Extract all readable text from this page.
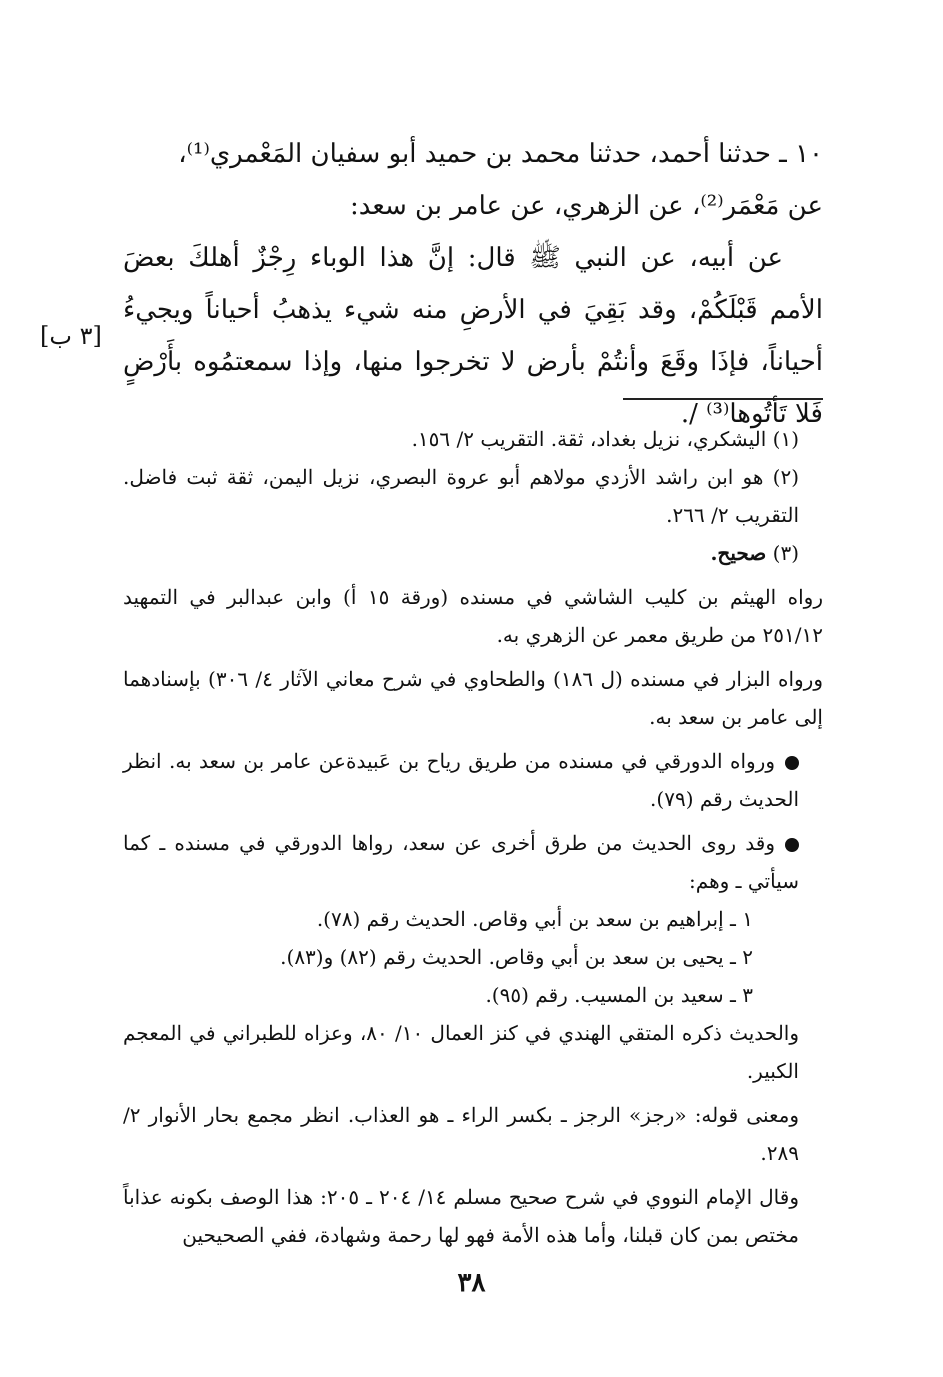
١٠ ـ حدثنا أحمد، حدثنا محمد بن حميد أبو سفيان المَعْمري⁽¹⁾،

عن مَعْمَر⁽²⁾، عن الزهري، عن عامر بن سعد:

عن أبيه، عن النبي ﷺ قال: إنَّ هذا الوباء رِجْزٌ أهلكَ بعضَ الأمم قَبْلَكُمْ، وقد بَقِيَ في الأرضِ منه شيء يذهبُ أحياناً ويجيءُ أحياناً، فإذَا وقَعَ وأنتُمْ بأرض لا تخرجوا منها، وإذا سمعتمُوه بأَرْضٍ فَلا تَأتُوها⁽³⁾ /.

[٣ ب]

(١) اليشكري، نزيل بغداد، ثقة. التقريب ٢/ ١٥٦.

(٢) هو ابن راشد الأزدي مولاهم أبو عروة البصري، نزيل اليمن، ثقة ثبت فاضل. التقريب ٢/ ٢٦٦.

(٣) صحيح.

رواه الهيثم بن كليب الشاشي في مسنده (ورقة ١٥ أ) وابن عبدالبر في التمهيد ٢٥١/١٢ من طريق معمر عن الزهري به.

ورواه البزار في مسنده (ل ١٨٦) والطحاوي في شرح معاني الآثار ٤/ ٣٠٦) بإسنادهما إلى عامر بن سعد به.

ورواه الدورقي في مسنده من طريق رياح بن عَبيدةعن عامر بن سعد به. انظر الحديث رقم (٧٩).

وقد روى الحديث من طرق أخرى عن سعد، رواها الدورقي في مسنده ـ كما سيأتي ـ وهم:

١ ـ إبراهيم بن سعد بن أبي وقاص. الحديث رقم (٧٨).

٢ ـ يحيى بن سعد بن أبي وقاص. الحديث رقم (٨٢) و(٨٣).

٣ ـ سعيد بن المسيب. رقم (٩٥).

والحديث ذكره المتقي الهندي في كنز العمال ١٠/ ٨٠، وعزاه للطبراني في المعجم الكبير.

ومعنى قوله: «رجز» الرجز ـ بكسر الراء ـ هو العذاب. انظر مجمع بحار الأنوار ٢/ ٢٨٩.

وقال الإمام النووي في شرح صحيح مسلم ١٤/ ٢٠٤ ـ ٢٠٥: هذا الوصف بكونه عذاباً مختص بمن كان قبلنا، وأما هذه الأمة فهو لها رحمة وشهادة، ففي الصحيحين

٣٨
